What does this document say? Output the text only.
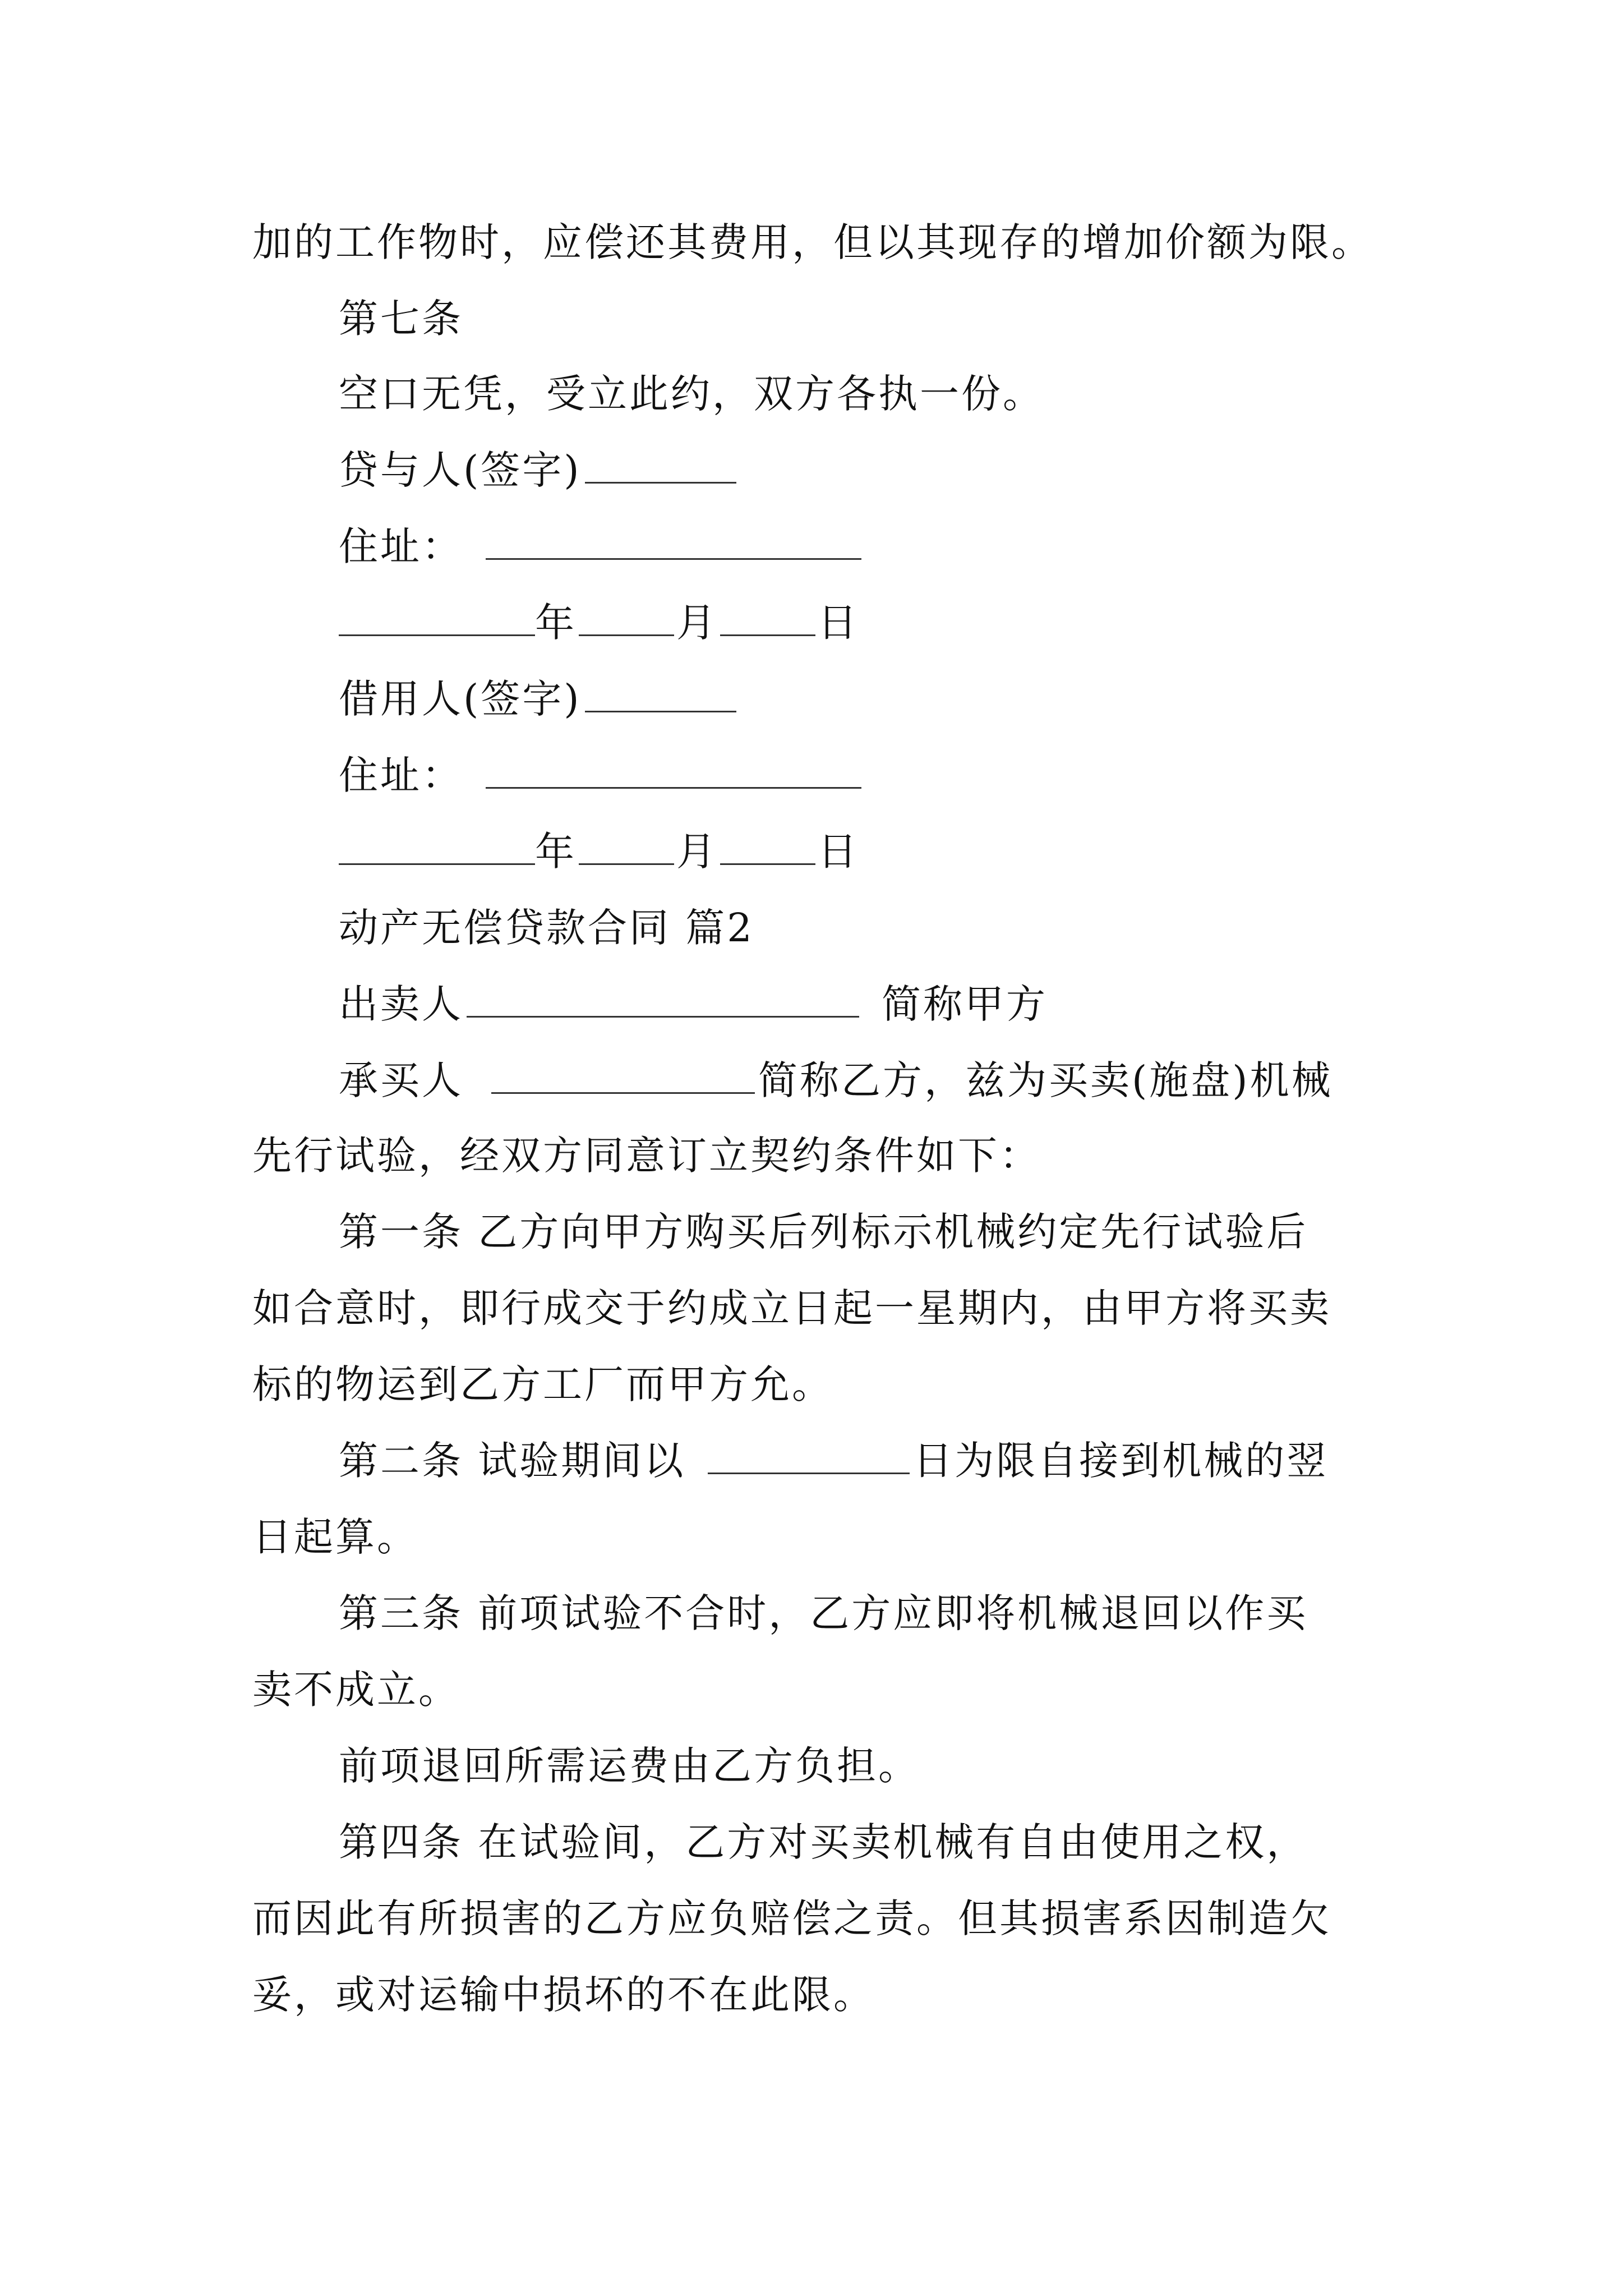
加的工作物时，应偿还其费用，但以其现存的增加价额为限。
第七条
空口无凭，受立此约，双方各执一份。
贷与人(签字)
住址：
年	月	日
借用人(签字)
住址：
年	月	日
动产无偿贷款合同 篇2
出卖人	简称甲方
承买人	简称乙方，兹为买卖(施盘)机械
先行试验，经双方同意订立契约条件如下：
第一条 乙方向甲方购买后列标示机械约定先行试验后
如合意时，即行成交于约成立日起一星期内，由甲方将买卖
标的物运到乙方工厂而甲方允。
第二条 试验期间以	日为限自接到机械的翌
日起算。
第三条 前项试验不合时，乙方应即将机械退回以作买
卖不成立。
前项退回所需运费由乙方负担。
第四条 在试验间，乙方对买卖机械有自由使用之权，
而因此有所损害的乙方应负赔偿之责。但其损害系因制造欠
妥，或对运输中损坏的不在此限。
